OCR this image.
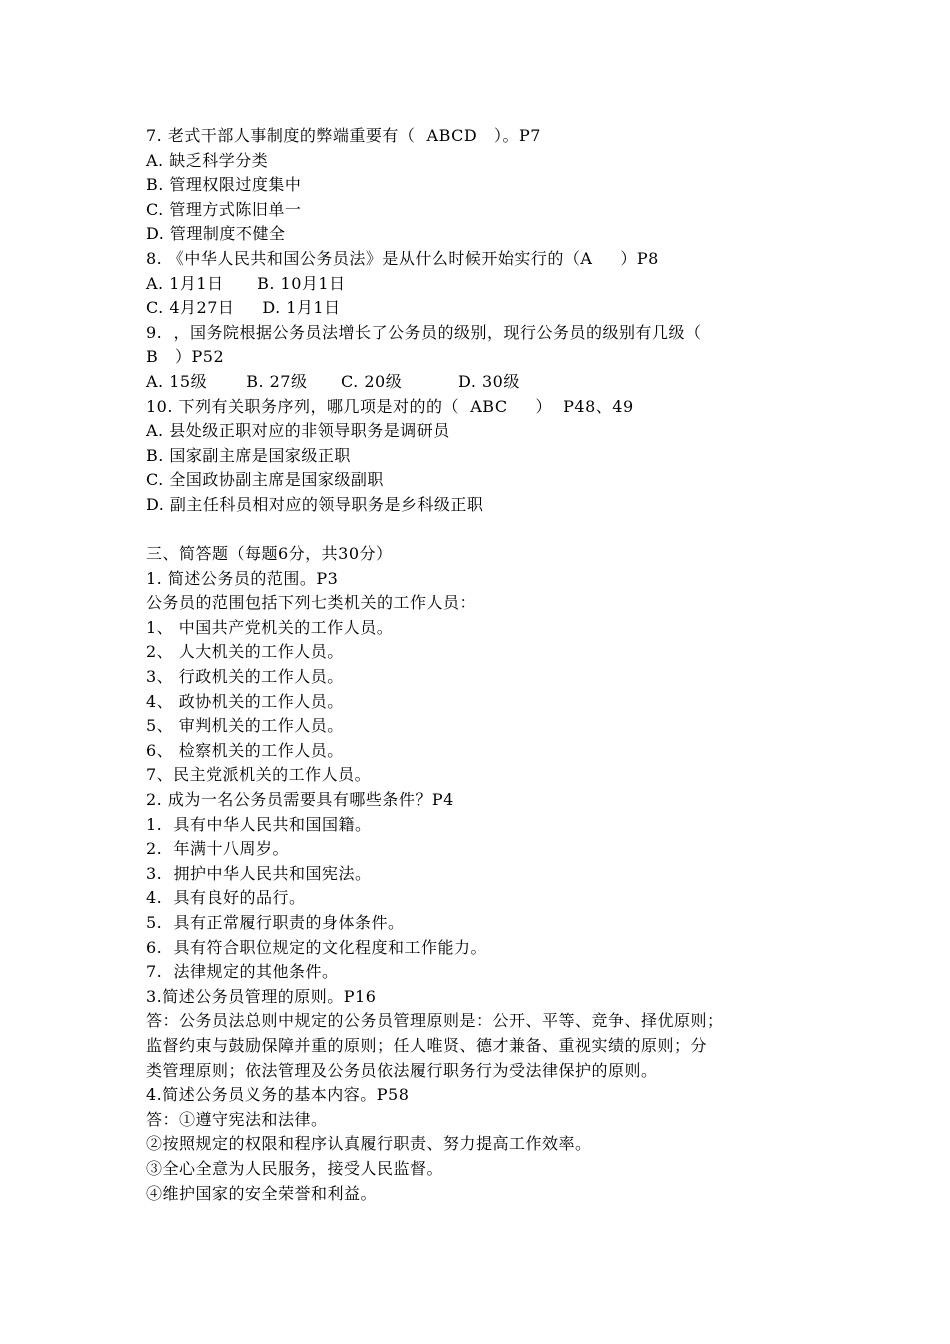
7. 老式干部人事制度的弊端重要有（  ABCD   ）。P7
A. 缺乏科学分类
B. 管理权限过度集中
C. 管理方式陈旧单一
D. 管理制度不健全
8. 《中华人民共和国公务员法》是从什么时候开始实行的（A     ）P8
A. 1月1日      B. 10月1日
C. 4月27日     D. 1月1日
9.  ，国务院根据公务员法增长了公务员的级别，现行公务员的级别有几级（
B   ）P52
A. 15级       B. 27级      C. 20级          D. 30级
10. 下列有关职务序列，哪几项是对的的（  ABC     ）  P48、49
A. 县处级正职对应的非领导职务是调研员
B. 国家副主席是国家级正职
C. 全国政协副主席是国家级副职
D. 副主任科员相对应的领导职务是乡科级正职
三、简答题（每题6分，共30分）
1. 简述公务员的范围。P3
公务员的范围包括下列七类机关的工作人员：
1、 中国共产党机关的工作人员。
2、 人大机关的工作人员。
3、 行政机关的工作人员。
4、 政协机关的工作人员。
5、 审判机关的工作人员。
6、 检察机关的工作人员。
7、民主党派机关的工作人员。
2. 成为一名公务员需要具有哪些条件？P4
1.  具有中华人民共和国国籍。
2.  年满十八周岁。
3.  拥护中华人民共和国宪法。
4.  具有良好的品行。
5.  具有正常履行职责的身体条件。
6.  具有符合职位规定的文化程度和工作能力。
7.  法律规定的其他条件。
3.简述公务员管理的原则。P16
答：公务员法总则中规定的公务员管理原则是：公开、平等、竞争、择优原则；
监督约束与鼓励保障并重的原则；任人唯贤、德才兼备、重视实绩的原则；分
类管理原则；依法管理及公务员依法履行职务行为受法律保护的原则。
4.简述公务员义务的基本内容。P58
答：①遵守宪法和法律。
②按照规定的权限和程序认真履行职责、努力提高工作效率。
③全心全意为人民服务，接受人民监督。
④维护国家的安全荣誉和利益。
